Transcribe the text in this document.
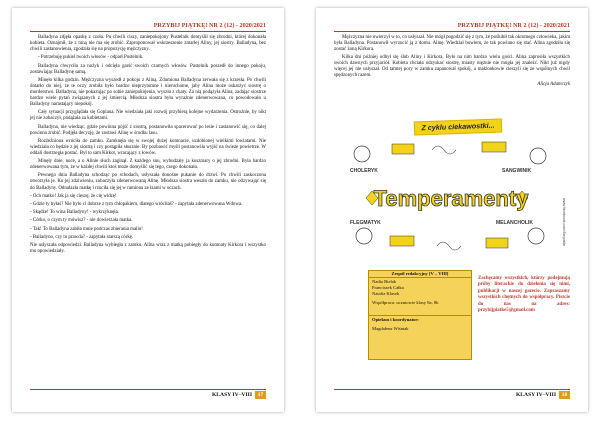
PRZYBIJ PIĄTKĘ! NR 2 (12) - 2020/2021

Balladyna zdjęła opaskę z czoła. Po chwili ciszy, zaniepokojony Pustelnik domyślił się zbrodni, której dokonała kobieta. Oznajmił, że z tuną nie ma się zrobić. Zaproponował wskrzeszenie zmarłej Aliny, jej siostry. Balladyna, bez chwili zastanowienia, zgodziła się na propozycję mężczyzny.

- Potrzebuję pukiel twoich włosów - odparł Pustelnik.

Balladyna chwyciła za nożyk i odcięła garść swoich czarnych włosów. Pustelnik poszedł do innego pokoju, zostawiając Balladynę samą.

Minęło kilka godzin. Mężczyzna wyszedł z pokoju z Aliną. Zdumiona Balladyna zerwała się z krzesła. Po chwili dotarło do niej, że te oczy zrobiła było bardzo nieprzytomne i nieruchome, jaby Alina może oskarżyć siostrę o morderstwo. Balladyna, nie pokazując po sobie zaniepokojenia, wyszła z chaty. Za nią podążyła Alina, zadając siostrze bardzo wiele pytań związanych z jej śmiercią. Młodsza siostra była wyraźnie zdenerwowana, co powodowało u Balladyny narastający niepokój.

Cały sytuacji przyglądała się Goplana. Nie wiedziała jaki rozwój przybierą kolejne wydarzenia. Ostrożnie, by nikt jej nie zobaczył, podążała za kobietami.

Balladyna, nie wiedząc, gdzie powinna pójść z siostrą, postanowiła spacerować po lesie i zastanowić się, co dalej powinna zrobić. Podjęła decyzję, że zostawi Alinę w środku lasu.

Rozżeźniona wróciła do zamku. Zamknęła się w swojej dużej komnacie, uzdobionej wielkimi lowiatami. Nie wiedziała co będzie z jej siostrą i czy postąpiła słusznie. By pozbawić myśli postanowiła wyjść na świeże powietrze. W oddali dostrzegła postać. Był to sam Kirkor, wracający z łowów.

Minęły dnie, noce, a o Alinie słuch zaginął. Z każdego snu, wybudzały ja koszmary o jej zbrodni. Była bardzo zdenerwowana tym, że w każdej chwili ktoś może domyślić się tego, czego dokonała.

Pewnego dnia Balladyna schodząc po schodach, usłyszała donośne pukanie do drzwi. Po chwili zaskoczona otworzyła je. Ku jej zdziwieniu, zobaczyła zdenerwowaną Alinę. Młodsza siostra weszła do zamku, nie odzywając się do Balladyny. Odnalazła matkę i rzuciła się jej w ramiona ze łzami w oczach.

- Och matko! Jak ja się cieszę, że cię widzę!

- Gdzie ty byłaś? Nie było ci dobrze z tym chłopakiem, dlatego wróciłaś? - zapytała zdenerwowana Wdowa.

- Skądże! To wina Balladyny! - wykrzyknęła.

- Córko, o czym ty mówisz? - nie dowierzała matka.

- Tak! To Balladyna zabiła mnie podczas zbierania malin!

- Balladyno, czy to prawda? - zapytała starszą córkę.

Nie usłyszała odpowiedzi. Balladyna wybiegła z zamku. Alina wraz z matką pobiegły do komnaty Kirkora i wszystko mu opowiedziały.

KLASY IV–VIII	17
PRZYBIJ PIĄTKĘ! NR 2 (12) - 2020/2021

Mężczyzna nie uwierzył w to, co usłyszał. Nie mógł pogodzić się z tym, że poślubił tak okrutnego człowieka, jakim była Balladyna. Postanowił wyrzucić ją z domu. Alinę. Wiedział bowiem, że tak powinno się stać. Alina zgodziła się zostać żoną Kirkora.

Kilka dni później odbył się ślub Aliny i Kirkora. Było na nim bardzo wielu gości. Alina zaprosiła wszystkich swoich dawnych przyjaciół. Kobieta chciała odzyskać siostrę, miasty niężnie nie mogła jej znaleźć. Nikt już nigdy więcej jej nie usłyszał. Od tamtej pory w zamku zapanował spokój, a małżonkowie cieszyli się ze wspólnych chwil spędzonych razem.

Alicja Adamczyk
Z cyklu ciekawostki...
CHOLERYK	SANGWINIK
FLEGMATYK	MELANCHOLIK
Temperamenty	www.facebook.com/Empatia
Zespół redakcyjny [V – VIII]
Nadia Bielak
Franciszek Całka
Natalia Klasek
Współpraca: uczniowie klasy 8a, 8b
Opiekun i koordynator:
Magdalena Wiśniak
Zachęcamy wszystkich, którzy podejmują próby literackie do dzielenia się nimi, publikacji w naszej gazecie. Zapraszamy wszystkich chętnych do współpracy. Piszcie do nas na adres: przybijpiatke5@gmail.com
KLASY IV–VIII	18
